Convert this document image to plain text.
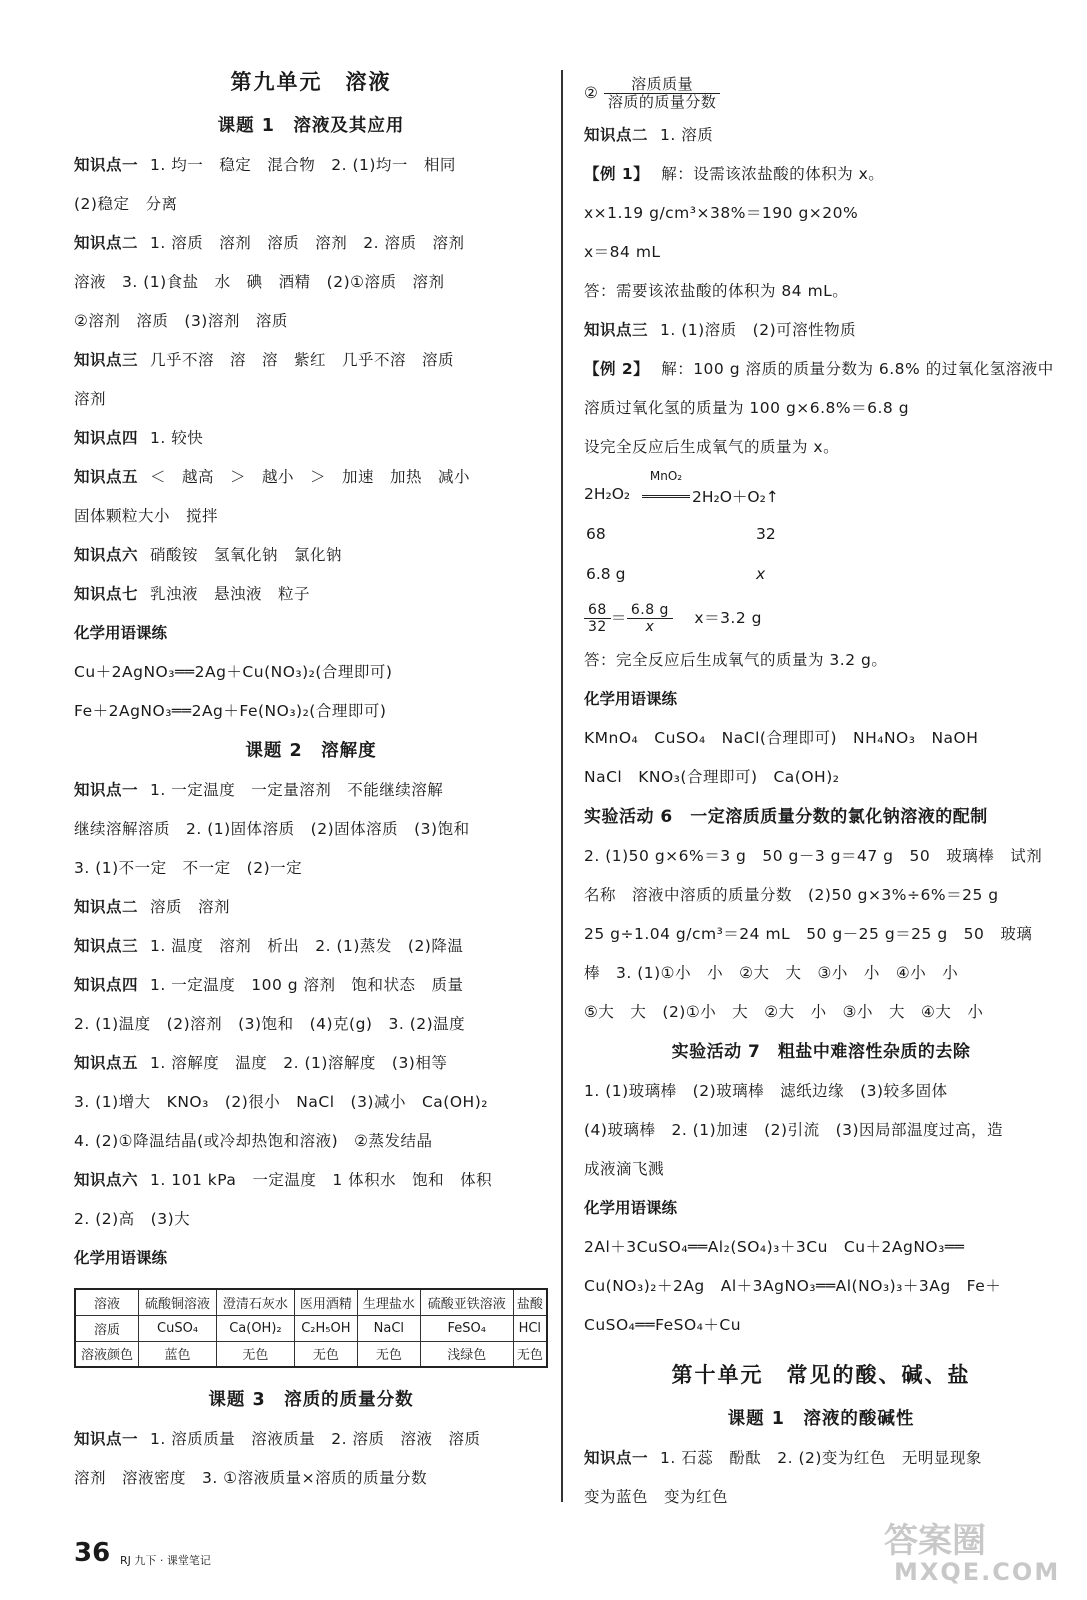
第九单元　溶液
课题 1　溶液及其应用
知识点一 1. 均一　稳定　混合物　2. (1)均一　相同
(2)稳定　分离
知识点二 1. 溶质　溶剂　溶质　溶剂　2. 溶质　溶剂
溶液　3. (1)食盐　水　碘　酒精　(2)①溶质　溶剂
②溶剂　溶质　(3)溶剂　溶质
知识点三 几乎不溶　溶　溶　紫红　几乎不溶　溶质
溶剂
知识点四 1. 较快
知识点五 ＜　越高　＞　越小　＞　加速　加热　减小
固体颗粒大小　搅拌
知识点六 硝酸铵　氢氧化钠　氯化钠
知识点七 乳浊液　悬浊液　粒子
化学用语课练
Cu＋2AgNO₃══2Ag＋Cu(NO₃)₂(合理即可)
Fe＋2AgNO₃══2Ag＋Fe(NO₃)₂(合理即可)
课题 2　溶解度
知识点一 1. 一定温度　一定量溶剂　不能继续溶解
继续溶解溶质　2. (1)固体溶质　(2)固体溶质　(3)饱和
3. (1)不一定　不一定　(2)一定
知识点二 溶质　溶剂
知识点三 1. 温度　溶剂　析出　2. (1)蒸发　(2)降温
知识点四 1. 一定温度　100 g 溶剂　饱和状态　质量
2. (1)温度　(2)溶剂　(3)饱和　(4)克(g)　3. (2)温度
知识点五 1. 溶解度　温度　2. (1)溶解度　(3)相等
3. (1)增大　KNO₃　(2)很小　NaCl　(3)减小　Ca(OH)₂
4. (2)①降温结晶(或冷却热饱和溶液)　②蒸发结晶
知识点六 1. 101 kPa　一定温度　1 体积水　饱和　体积
2. (2)高　(3)大
化学用语课练
溶液	硫酸铜溶液	澄清石灰水	医用酒精	生理盐水	硫酸亚铁溶液	盐酸
溶质	CuSO₄	Ca(OH)₂	C₂H₅OH	NaCl	FeSO₄	HCl
溶液颜色	蓝色	无色	无色	无色	浅绿色	无色
课题 3　溶质的质量分数
知识点一 1. 溶质质量　溶液质量　2. 溶质　溶液　溶质
溶剂　溶液密度　3. ①溶液质量×溶质的质量分数
② $\frac{\text{溶质质量}}{\text{溶质的质量分数}}$
知识点二 1. 溶质
【例 1】 解：设需该浓盐酸的体积为 x。
x×1.19 g/cm³×38%＝190 g×20%
x＝84 mL
答：需要该浓盐酸的体积为 84 mL。
知识点三 1. (1)溶质　(2)可溶性物质
【例 2】 解：100 g 溶质的质量分数为 6.8% 的过氧化氢溶液中
溶质过氧化氢的质量为 100 g×6.8%＝6.8 g
设完全反应后生成氧气的质量为 x。
2H₂O₂
MnO₂
2H₂O＋O₂↑
68	32
6.8 g	x
$\frac{68}{32} = \frac{6.8 g}{x} x=3.2$ g
答：完全反应后生成氧气的质量为 3.2 g。
化学用语课练
KMnO₄　CuSO₄　NaCl(合理即可)　NH₄NO₃　NaOH
NaCl　KNO₃(合理即可)　Ca(OH)₂
实验活动 6　一定溶质质量分数的氯化钠溶液的配制
2. (1)50 g×6%＝3 g　50 g－3 g＝47 g　50　玻璃棒　试剂
名称　溶液中溶质的质量分数　(2)50 g×3%÷6%＝25 g
25 g÷1.04 g/cm³＝24 mL　50 g－25 g＝25 g　50　玻璃
棒　3. (1)①小　小　②大　大　③小　小　④小　小
⑤大　大　(2)①小　大　②大　小　③小　大　④大　小
实验活动 7　粗盐中难溶性杂质的去除
1. (1)玻璃棒　(2)玻璃棒　滤纸边缘　(3)较多固体
(4)玻璃棒　2. (1)加速　(2)引流　(3)因局部温度过高，造
成液滴飞溅
化学用语课练
2Al＋3CuSO₄══Al₂(SO₄)₃＋3Cu　Cu＋2AgNO₃══
Cu(NO₃)₂＋2Ag　Al＋3AgNO₃══Al(NO₃)₃＋3Ag　Fe＋
CuSO₄══FeSO₄＋Cu
第十单元　常见的酸、碱、盐
课题 1　溶液的酸碱性
知识点一 1. 石蕊　酚酞　2. (2)变为红色　无明显现象
变为蓝色　变为红色
36 RJ 九下 · 课堂笔记	答案圈
MXQE.COM
